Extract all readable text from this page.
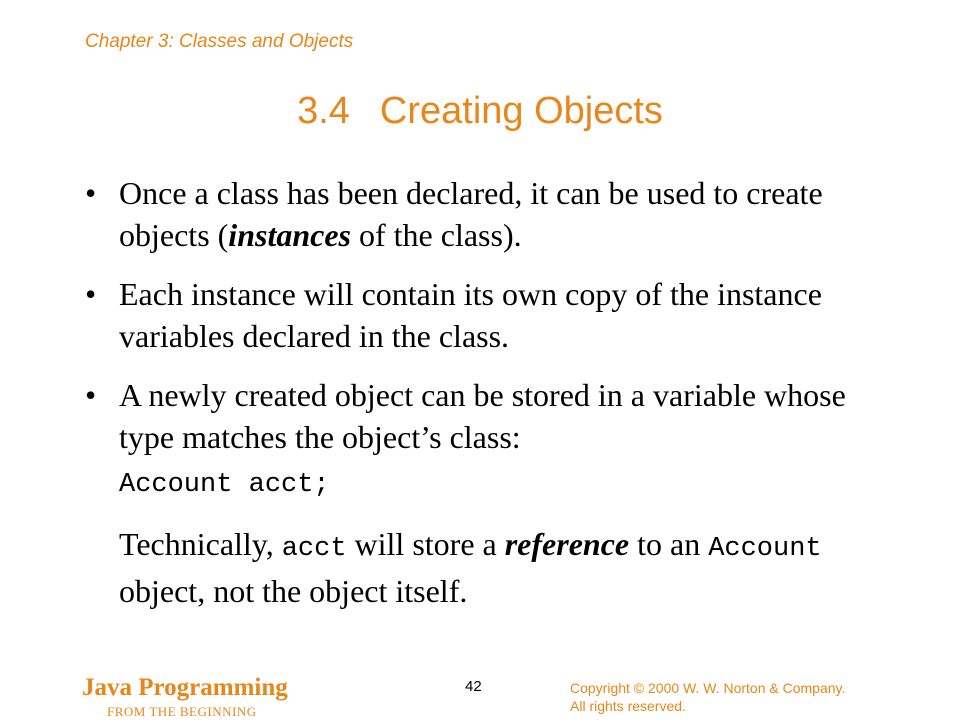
Chapter 3: Classes and Objects
3.4 Creating Objects
• Once a class has been declared, it can be used to create objects (instances of the class).
• Each instance will contain its own copy of the instance variables declared in the class.
• A newly created object can be stored in a variable whose type matches the object’s class:
Account acct;
Technically, acct will store a reference to an Account object, not the object itself.
Java Programming
FROM THE BEGINNING
42	Copyright © 2000 W. W. Norton & Company.
All rights reserved.
